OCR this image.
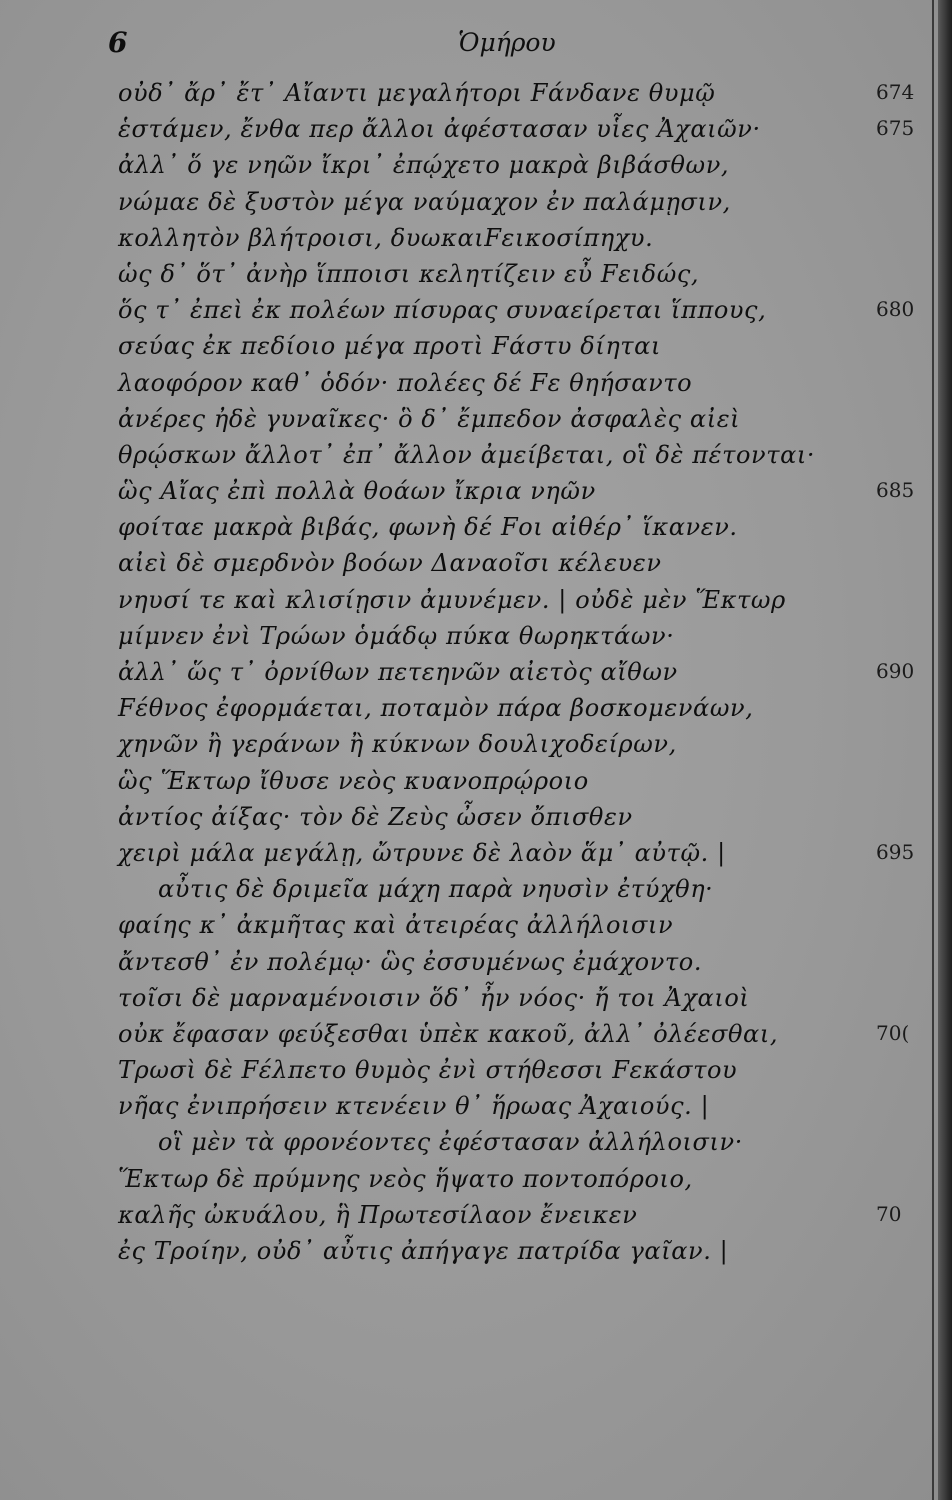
6	Ὁμήρου
οὐδ᾽ ἄρ᾽ ἔτ᾽ Αἴαντι μεγαλήτορι Fάνδανε θυμῷ	674
ἑστάμεν, ἔνθα περ ἄλλοι ἀφέστασαν υἷες Ἀχαιῶν·	675
ἀλλ᾽ ὅ γε νηῶν ἴκρι᾽ ἐπῴχετο μακρὰ βιβάσθων,
νώμαε δὲ ξυστὸν μέγα ναύμαχον ἐν παλάμῃσιν,
κολλητὸν βλήτροισι, δυωκαιFεικοσίπηχυ.
ὡς δ᾽ ὅτ᾽ ἀνὴρ ἵπποισι κελητίζειν εὖ Fειδώς,
ὅς τ᾽ ἐπεὶ ἐκ πολέων πίσυρας συναείρεται ἵππους,	680
σεύας ἐκ πεδίοιο μέγα προτὶ Fάστυ δίηται
λαοφόρον καθ᾽ ὁδόν· πολέες δέ Fε θηήσαντο
ἀνέρες ἠδὲ γυναῖκες· ὃ δ᾽ ἔμπεδον ἀσφαλὲς αἰεὶ
θρῴσκων ἄλλοτ᾽ ἐπ᾽ ἄλλον ἀμείβεται, οἳ δὲ πέτονται·
ὣς Αἴας ἐπὶ πολλὰ θοάων ἴκρια νηῶν	685
φοίταε μακρὰ βιβάς, φωνὴ δέ Fοι αἰθέρ᾽ ἵκανεν.
αἰεὶ δὲ σμερδνὸν βοόων Δαναοῖσι κέλευεν
νηυσί τε καὶ κλισίῃσιν ἀμυνέμεν. | οὐδὲ μὲν Ἕκτωρ
μίμνεν ἐνὶ Τρώων ὁμάδῳ πύκα θωρηκτάων·
ἀλλ᾽ ὥς τ᾽ ὀρνίθων πετεηνῶν αἰετὸς αἴθων	690
Fέθνος ἐφορμάεται, ποταμὸν πάρα βοσκομενάων,
χηνῶν ἢ γεράνων ἢ κύκνων δουλιχοδείρων,
ὣς Ἕκτωρ ἴθυσε νεὸς κυανοπρῴροιο
ἀντίος ἀίξας· τὸν δὲ Ζεὺς ὦσεν ὄπισθεν
χειρὶ μάλα μεγάλῃ, ὤτρυνε δὲ λαὸν ἅμ᾽ αὐτῷ. |	695
αὖτις δὲ δριμεῖα μάχη παρὰ νηυσὶν ἐτύχθη·
φαίης κ᾽ ἀκμῆτας καὶ ἀτειρέας ἀλλήλοισιν
ἄντεσθ᾽ ἐν πολέμῳ· ὣς ἐσσυμένως ἐμάχοντο.
τοῖσι δὲ μαρναμένοισιν ὅδ᾽ ἦν νόος· ἤ τοι Ἀχαιοὶ
οὐκ ἔφασαν φεύξεσθαι ὑπὲκ κακοῦ, ἀλλ᾽ ὀλέεσθαι,	70(
Τρωσὶ δὲ Fέλπετο θυμὸς ἐνὶ στήθεσσι Fεκάστου
νῆας ἐνιπρήσειν κτενέειν θ᾽ ἥρωας Ἀχαιούς. |
οἳ μὲν τὰ φρονέοντες ἐφέστασαν ἀλλήλοισιν·
Ἕκτωρ δὲ πρύμνης νεὸς ἥψατο ποντοπόροιο,
καλῆς ὠκυάλου, ἣ Πρωτεσίλαον ἔνεικεν	70
ἐς Τροίην, οὐδ᾽ αὖτις ἀπήγαγε πατρίδα γαῖαν. |
